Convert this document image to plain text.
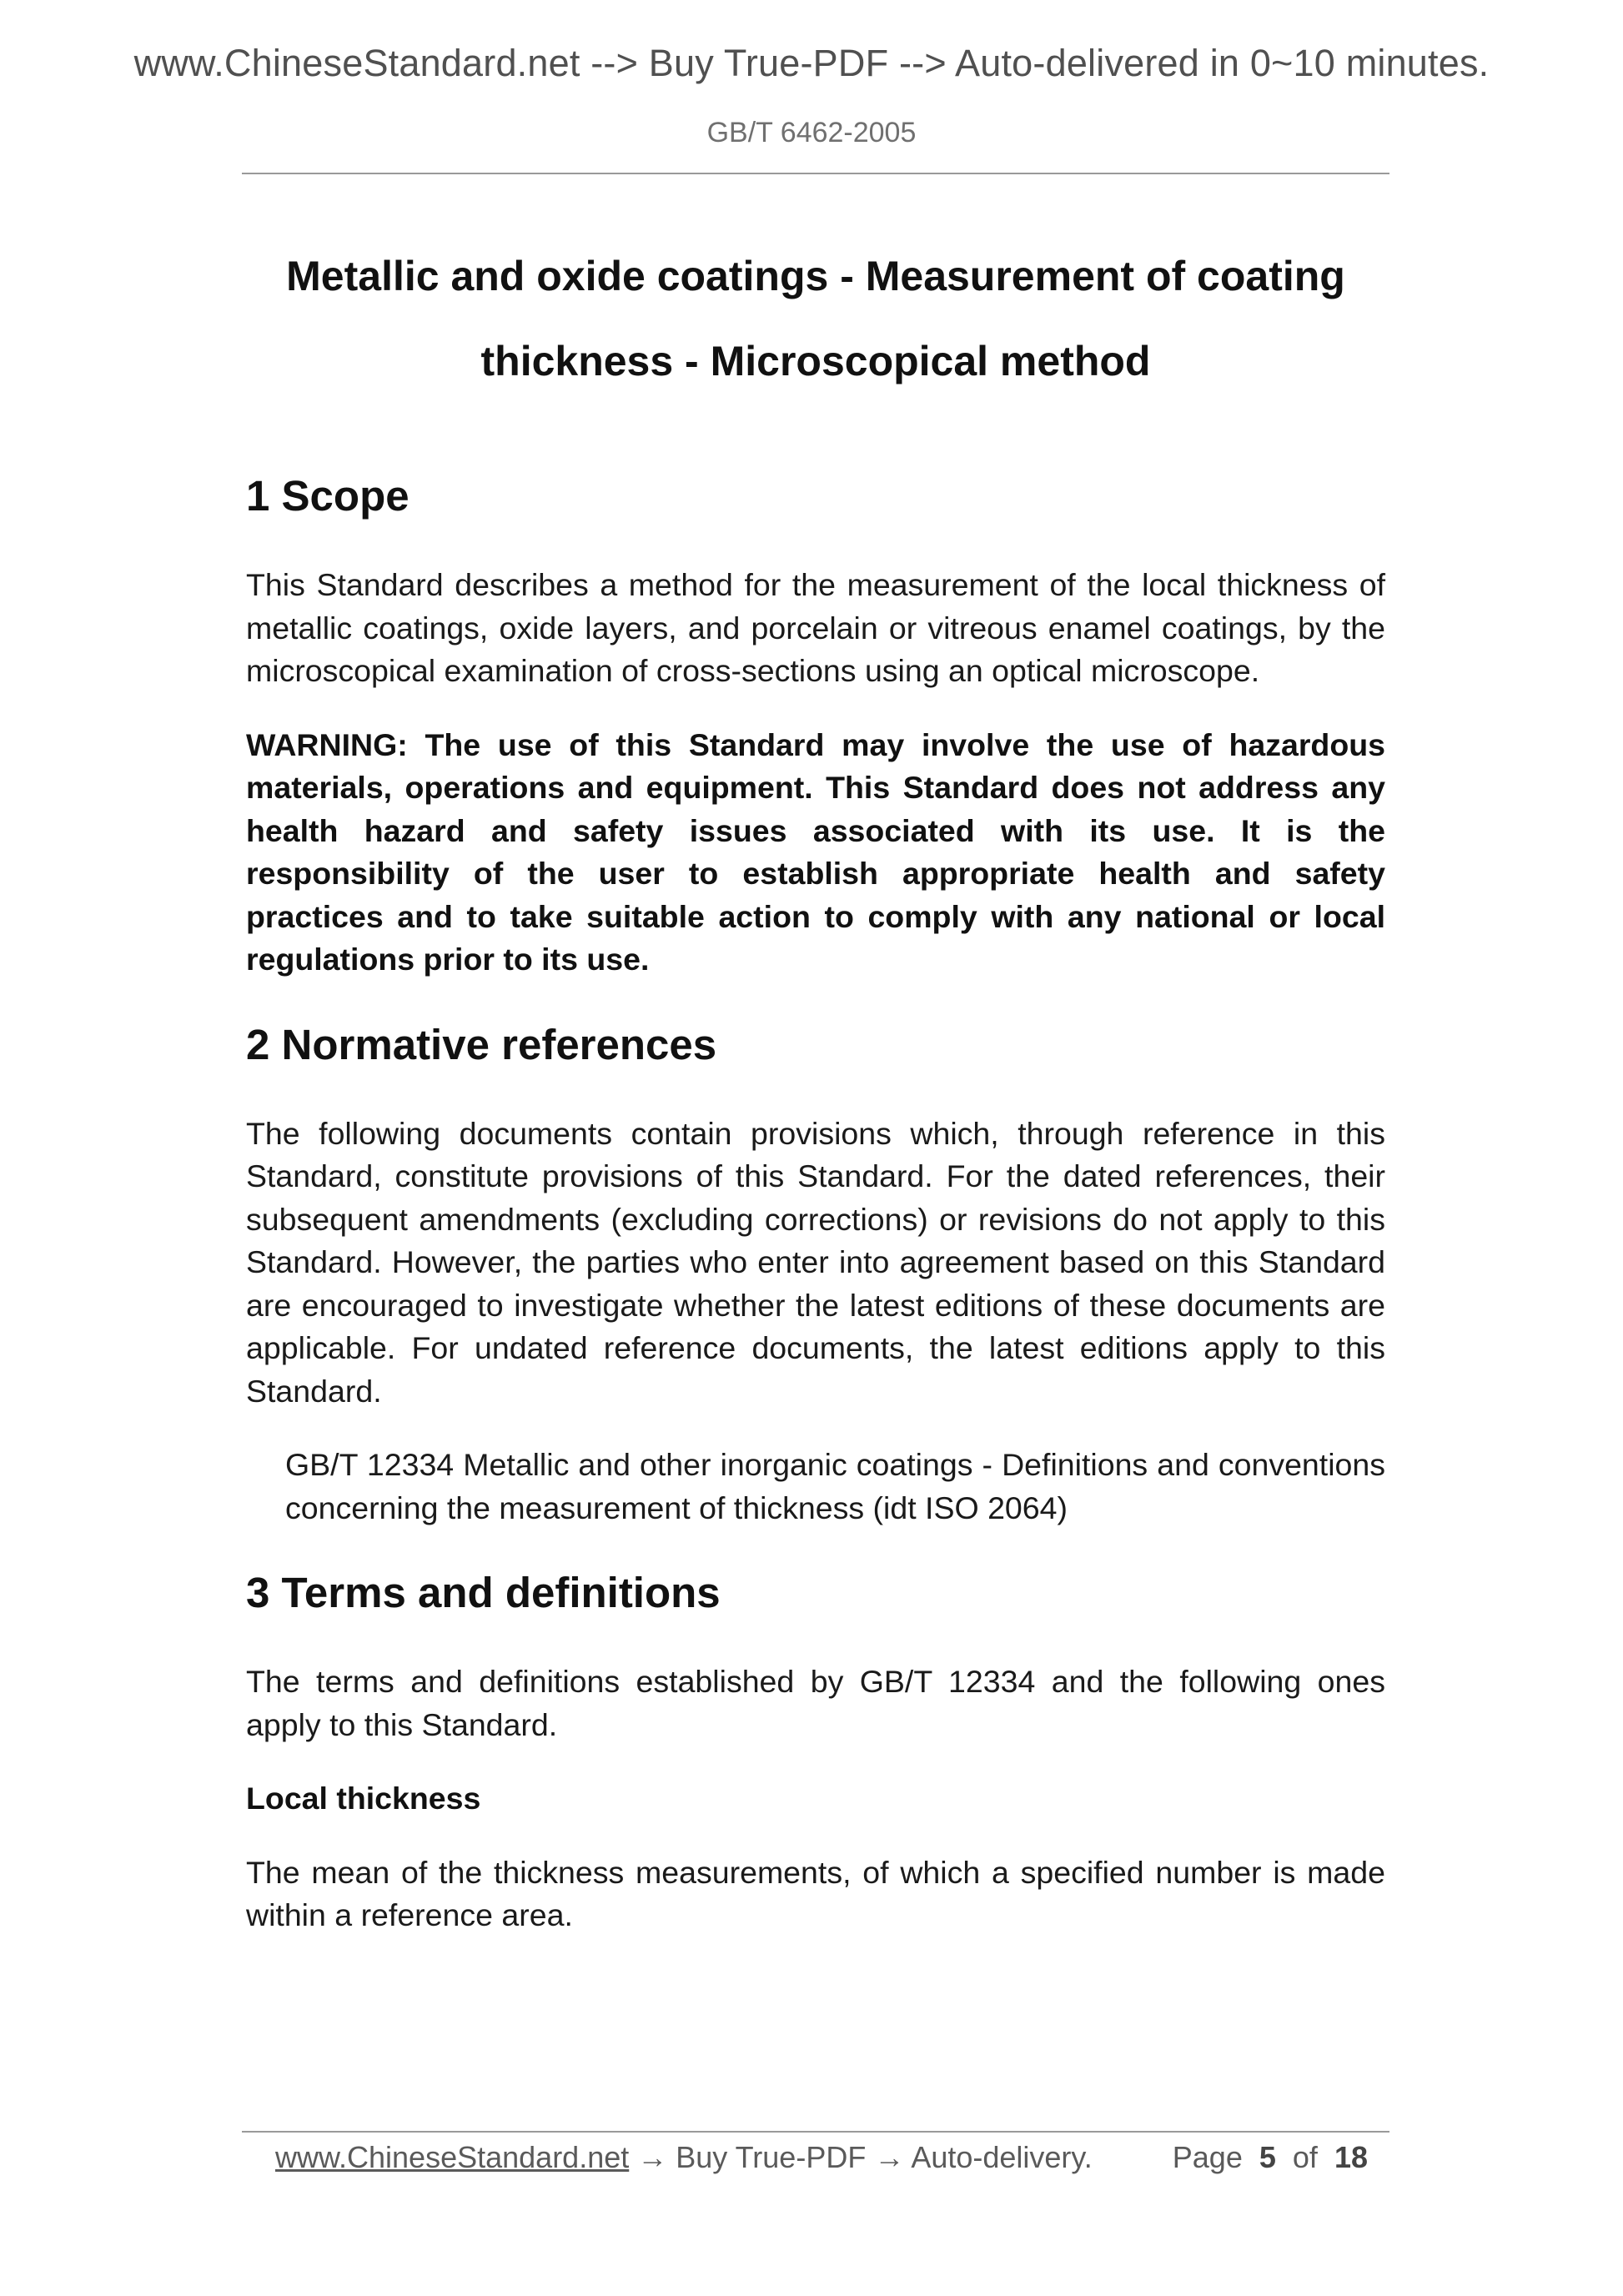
www.ChineseStandard.net --> Buy True-PDF --> Auto-delivered in 0~10 minutes.
GB/T 6462-2005

Metallic and oxide coatings - Measurement of coating

thickness - Microscopical method

1 Scope

This Standard describes a method for the measurement of the local thickness of metallic coatings, oxide layers, and porcelain or vitreous enamel coatings, by the microscopical examination of cross-sections using an optical microscope.

WARNING: The use of this Standard may involve the use of hazardous materials, operations and equipment. This Standard does not address any health hazard and safety issues associated with its use. It is the responsibility of the user to establish appropriate health and safety practices and to take suitable action to comply with any national or local regulations prior to its use.

2 Normative references

The following documents contain provisions which, through reference in this Standard, constitute provisions of this Standard. For the dated references, their subsequent amendments (excluding corrections) or revisions do not apply to this Standard. However, the parties who enter into agreement based on this Standard are encouraged to investigate whether the latest editions of these documents are applicable. For undated reference documents, the latest editions apply to this Standard.

GB/T 12334 Metallic and other inorganic coatings - Definitions and conventions concerning the measurement of thickness (idt ISO 2064)

3 Terms and definitions

The terms and definitions established by GB/T 12334 and the following ones apply to this Standard.

Local thickness

The mean of the thickness measurements, of which a specified number is made within a reference area.

www.ChineseStandard.net → Buy True-PDF → Auto-delivery.	Page 5 of 18
